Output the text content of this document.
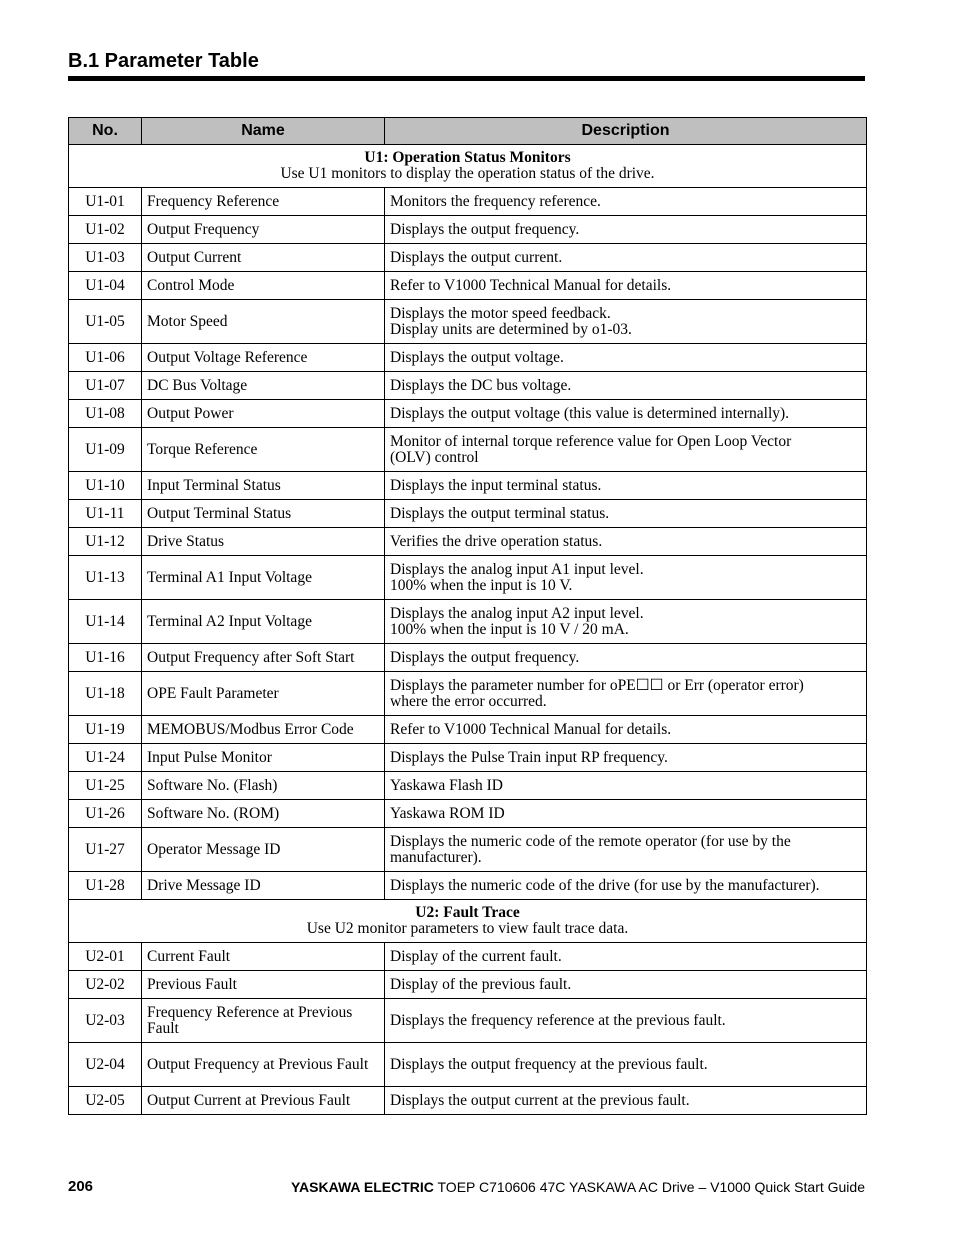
B.1 Parameter Table
No.	Name	Description

U1: Operation Status Monitors
Use U1 monitors to display the operation status of the drive.		

U1-01	Frequency Reference	Monitors the frequency reference.

U1-02	Output Frequency	Displays the output frequency.

U1-03	Output Current	Displays the output current.

U1-04	Control Mode	Refer to V1000 Technical Manual for details.

U1-05	Motor Speed	Displays the motor speed feedback.
Display units are determined by o1-03.

U1-06	Output Voltage Reference	Displays the output voltage.

U1-07	DC Bus Voltage	Displays the DC bus voltage.

U1-08	Output Power	Displays the output voltage (this value is determined internally).

U1-09	Torque Reference	Monitor of internal torque reference value for Open Loop Vector
(OLV) control

U1-10	Input Terminal Status	Displays the input terminal status.

U1-11	Output Terminal Status	Displays the output terminal status.

U1-12	Drive Status	Verifies the drive operation status.

U1-13	Terminal A1 Input Voltage	Displays the analog input A1 input level.
100% when the input is 10 V.

U1-14	Terminal A2 Input Voltage	Displays the analog input A2 input level.
100% when the input is 10 V / 20 mA.

U1-16	Output Frequency after Soft Start	Displays the output frequency.

U1-18	OPE Fault Parameter	Displays the parameter number for oPE☐☐ or Err (operator error)
where the error occurred.

U1-19	MEMOBUS/Modbus Error Code	Refer to V1000 Technical Manual for details.

U1-24	Input Pulse Monitor	Displays the Pulse Train input RP frequency.

U1-25	Software No. (Flash)	Yaskawa Flash ID

U1-26	Software No. (ROM)	Yaskawa ROM ID

U1-27	Operator Message ID	Displays the numeric code of the remote operator (for use by the
manufacturer).

U1-28	Drive Message ID	Displays the numeric code of the drive (for use by the manufacturer).

U2: Fault Trace
Use U2 monitor parameters to view fault trace data.		

U2-01	Current Fault	Display of the current fault.

U2-02	Previous Fault	Display of the previous fault.

U2-03	Frequency Reference at Previous Fault	Displays the frequency reference at the previous fault.

U2-04	Output Frequency at Previous Fault	Displays the output frequency at the previous fault.

U2-05	Output Current at Previous Fault	Displays the output current at the previous fault.
206	YASKAWA ELECTRIC TOEP C710606 47C YASKAWA AC Drive – V1000 Quick Start Guide
